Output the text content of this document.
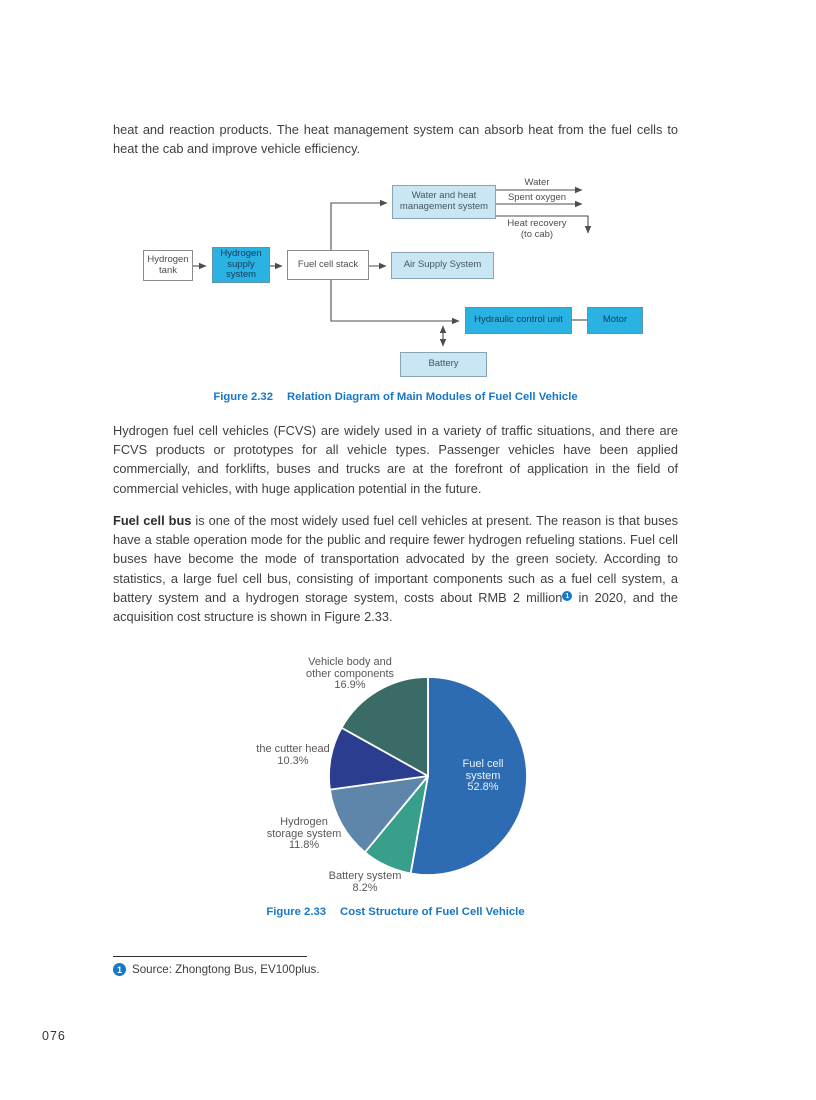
heat and reaction products. The heat management system can absorb heat from the fuel cells to heat the cab and improve vehicle efficiency.

Hydrogen tank
Hydrogen supply system
Fuel cell stack	Air Supply System
Water and heat management system
Hydraulic control unit	Motor
Battery
Water
Spent oxygen
Heat recovery
(to cab)
Figure 2.32 Relation Diagram of Main Modules of Fuel Cell Vehicle

Hydrogen fuel cell vehicles (FCVS) are widely used in a variety of traffic situations, and there are FCVS products or prototypes for all vehicle types. Passenger vehicles have been applied commercially, and forklifts, buses and trucks are at the forefront of application in the field of commercial vehicles, with huge application potential in the future.

Fuel cell bus is one of the most widely used fuel cell vehicles at present. The reason is that buses have a stable operation mode for the public and require fewer hydrogen refueling stations. Fuel cell buses have become the mode of transportation advocated by the green society. According to statistics, a large fuel cell bus, consisting of important components such as a fuel cell system, a battery system and a hydrogen storage system, costs about RMB 2 million 1 in 2020, and the acquisition cost structure is shown in Figure 2.33.

Vehicle body and
other components
16.9%
the cutter head
10.3%
Hydrogen
storage system
11.8%
Battery system
8.2%
Fuel cell
system
52.8%
Figure 2.33 Cost Structure of Fuel Cell Vehicle
1 Source: Zhongtong Bus, EV100plus.
076
